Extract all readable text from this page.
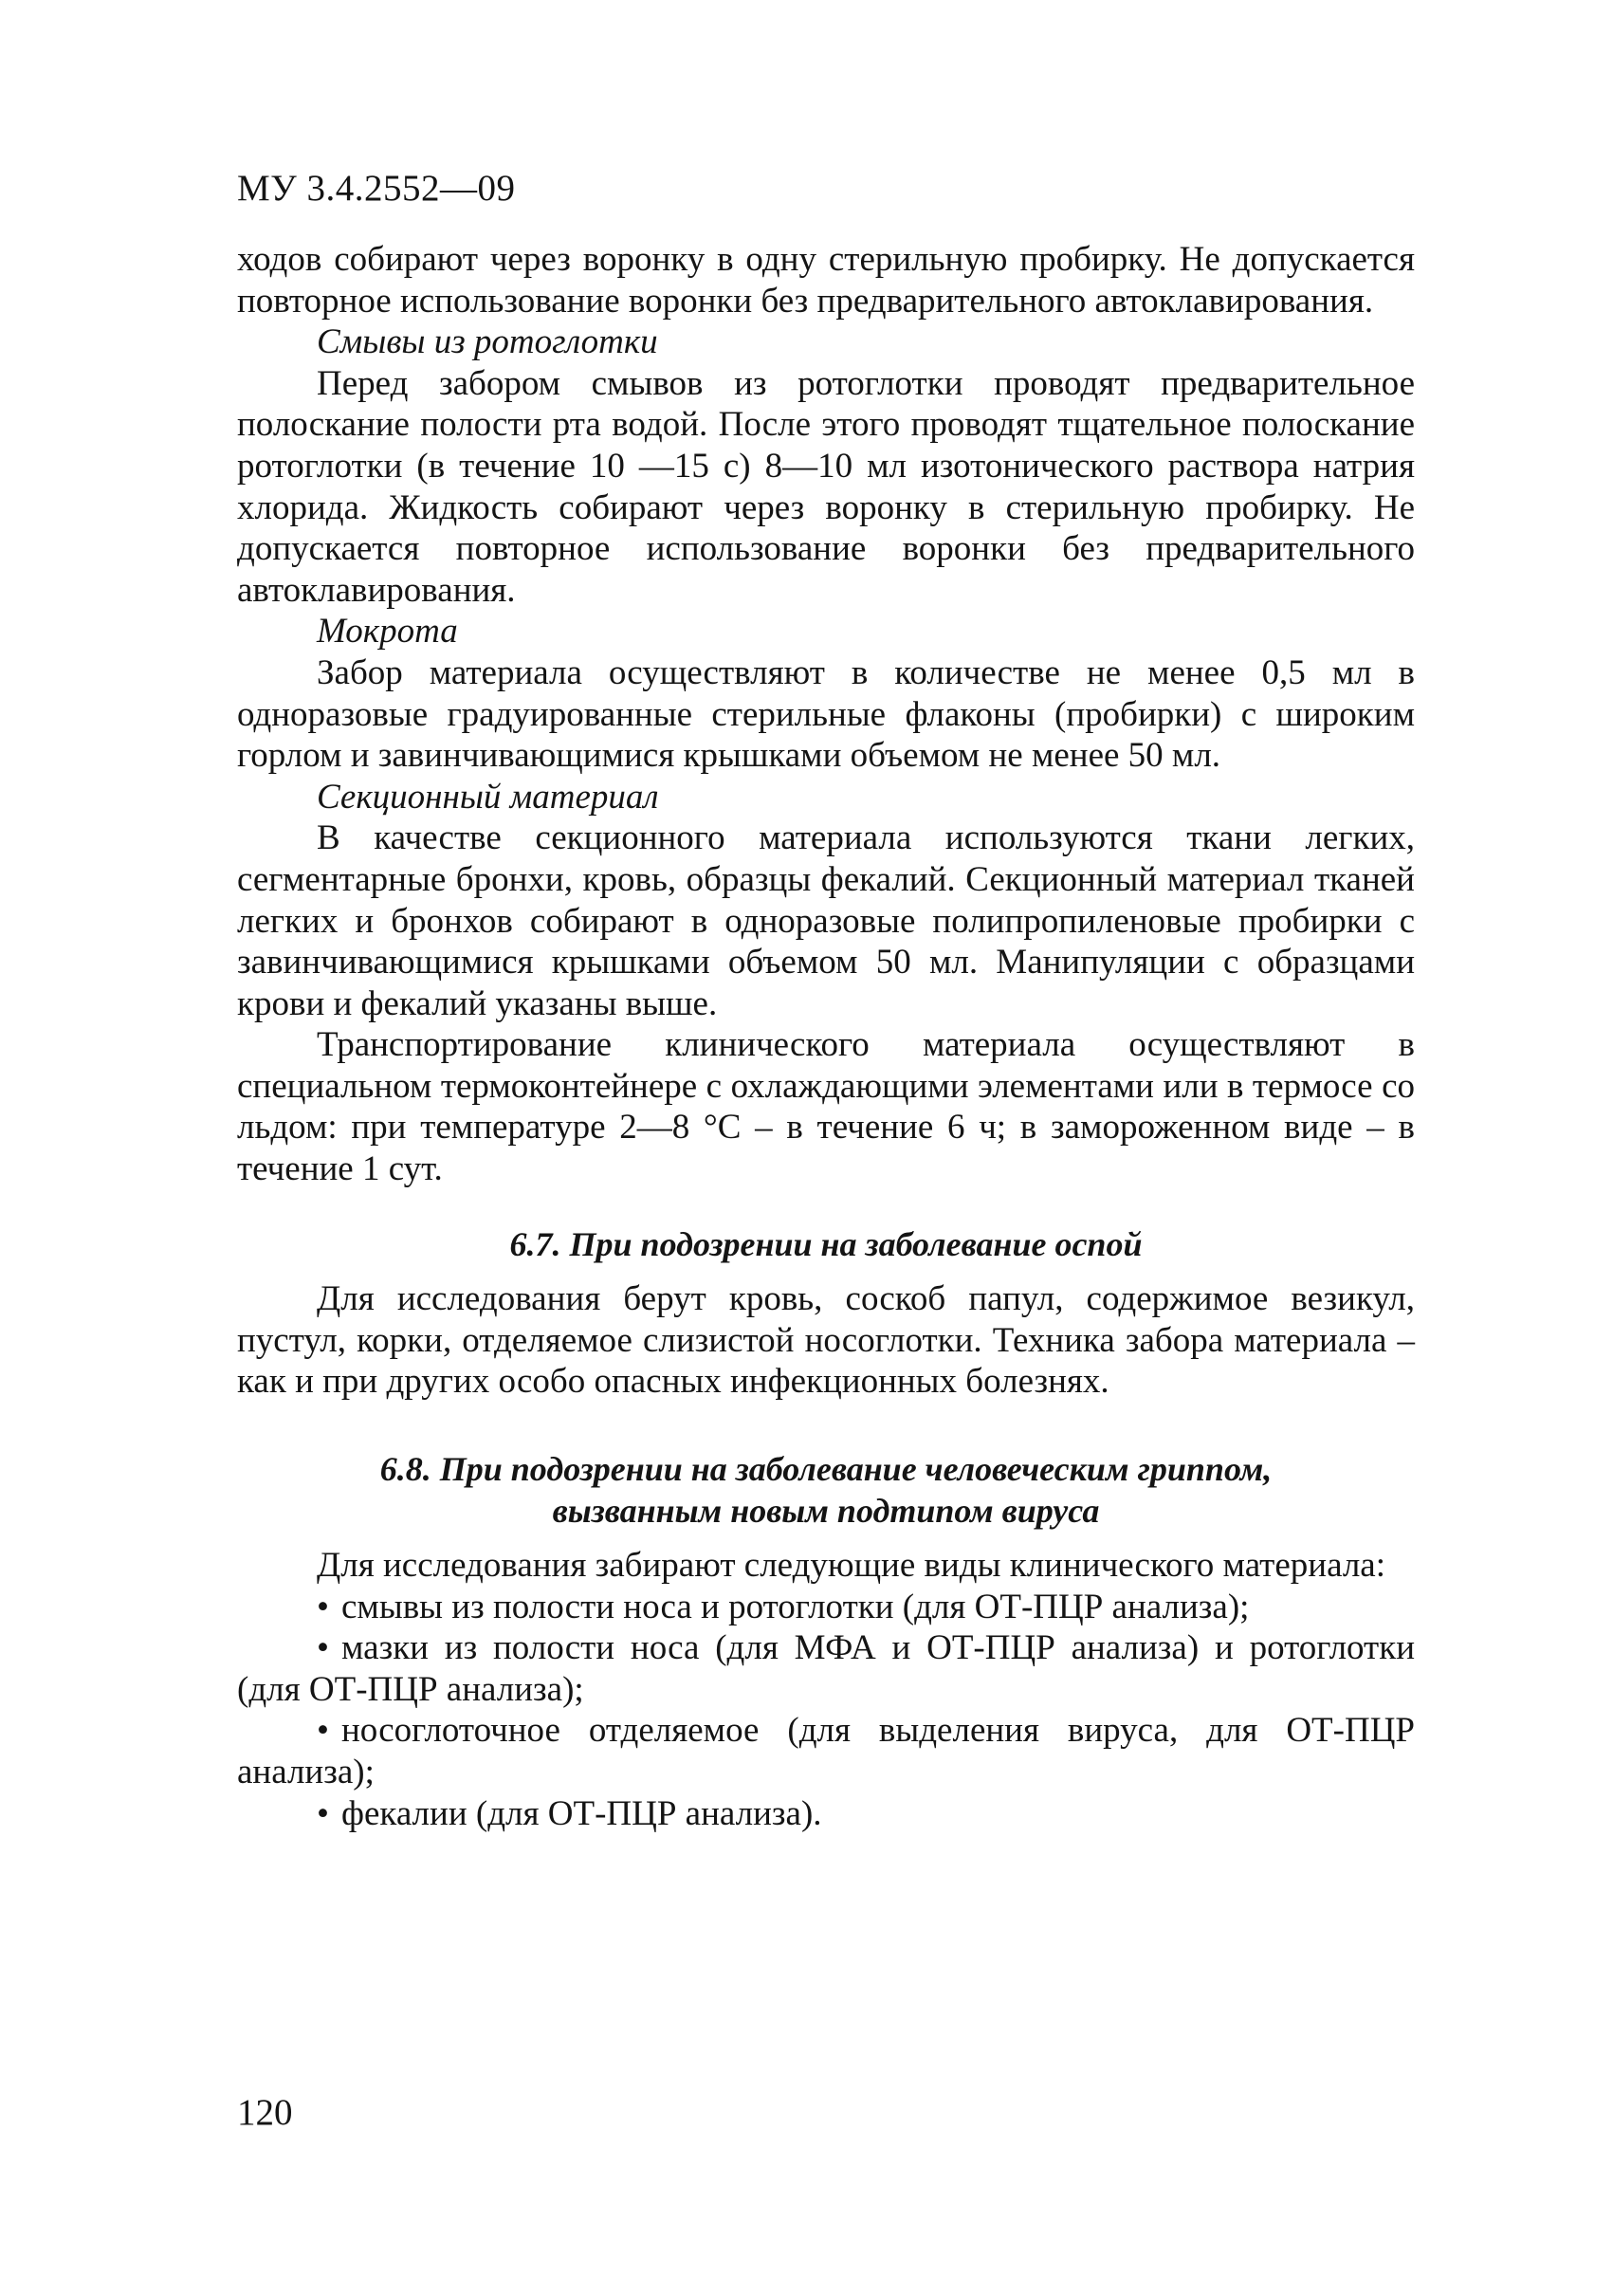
МУ 3.4.2552—09

ходов собирают через воронку в одну стерильную пробирку. Не допускается повторное использование воронки без предварительного автоклавирования.

Смывы из ротоглотки

Перед забором смывов из ротоглотки проводят предварительное полоскание полости рта водой. После этого проводят тщательное полоскание ротоглотки (в течение 10 —15 с) 8—10 мл изотонического раствора натрия хлорида. Жидкость собирают через воронку в стерильную пробирку. Не допускается повторное использование воронки без предварительного автоклавирования.

Мокрота

Забор материала осуществляют в количестве не менее 0,5 мл в одноразовые градуированные стерильные флаконы (пробирки) с широким горлом и завинчивающимися крышками объемом не менее 50 мл.

Секционный материал

В качестве секционного материала используются ткани легких, сегментарные бронхи, кровь, образцы фекалий. Секционный материал тканей легких и бронхов собирают в одноразовые полипропиленовые пробирки с завинчивающимися крышками объемом 50 мл. Манипуляции с образцами крови и фекалий указаны выше.

Транспортирование клинического материала осуществляют в специальном термоконтейнере с охлаждающими элементами или в термосе со льдом: при температуре 2—8 °С – в течение 6 ч; в замороженном виде – в течение 1 сут.

6.7. При подозрении на заболевание оспой

Для исследования берут кровь, соскоб папул, содержимое везикул, пустул, корки, отделяемое слизистой носоглотки. Техника забора материала – как и при других особо опасных инфекционных болезнях.

6.8. При подозрении на заболевание человеческим гриппом,
вызванным новым подтипом вируса

Для исследования забирают следующие виды клинического материала:

• смывы из полости носа и ротоглотки (для ОТ-ПЦР анализа);

• мазки из полости носа (для МФА и ОТ-ПЦР анализа) и ротоглотки (для ОТ-ПЦР анализа);

• носоглоточное отделяемое (для выделения вируса, для ОТ-ПЦР анализа);

• фекалии (для ОТ-ПЦР анализа).

120
